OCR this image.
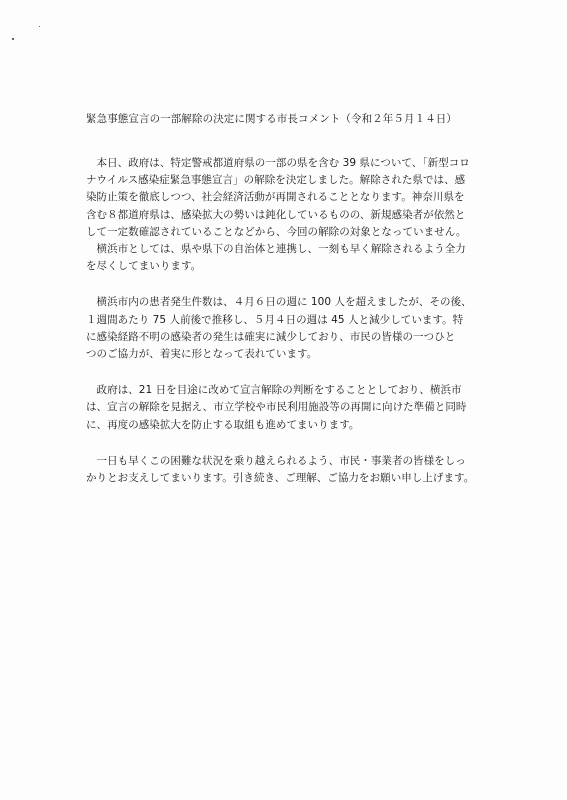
緊急事態宣言の一部解除の決定に関する市長コメント（令和２年５月１４日）

　本日、政府は、特定警戒都道府県の一部の県を含む 39 県について、「新型コロ
ナウイルス感染症緊急事態宣言」の解除を決定しました。解除された県では、感
染防止策を徹底しつつ、社会経済活動が再開されることとなります。神奈川県を
含む８都道府県は、感染拡大の勢いは鈍化しているものの、新規感染者が依然と
して一定数確認されていることなどから、今回の解除の対象となっていません。
　横浜市としては、県や県下の自治体と連携し、一刻も早く解除されるよう全力
を尽くしてまいります。

　横浜市内の患者発生件数は、４月６日の週に 100 人を超えましたが、その後、
１週間あたり 75 人前後で推移し、５月４日の週は 45 人と減少しています。特
に感染経路不明の感染者の発生は確実に減少しており、市民の皆様の一つひと
つのご協力が、着実に形となって表れています。

　政府は、21 日を目途に改めて宣言解除の判断をすることとしており、横浜市
は、宣言の解除を見据え、市立学校や市民利用施設等の再開に向けた準備と同時
に、再度の感染拡大を防止する取組も進めてまいります。

　一日も早くこの困難な状況を乗り越えられるよう、市民・事業者の皆様をしっ
かりとお支えしてまいります。引き続き、ご理解、ご協力をお願い申し上げます。
